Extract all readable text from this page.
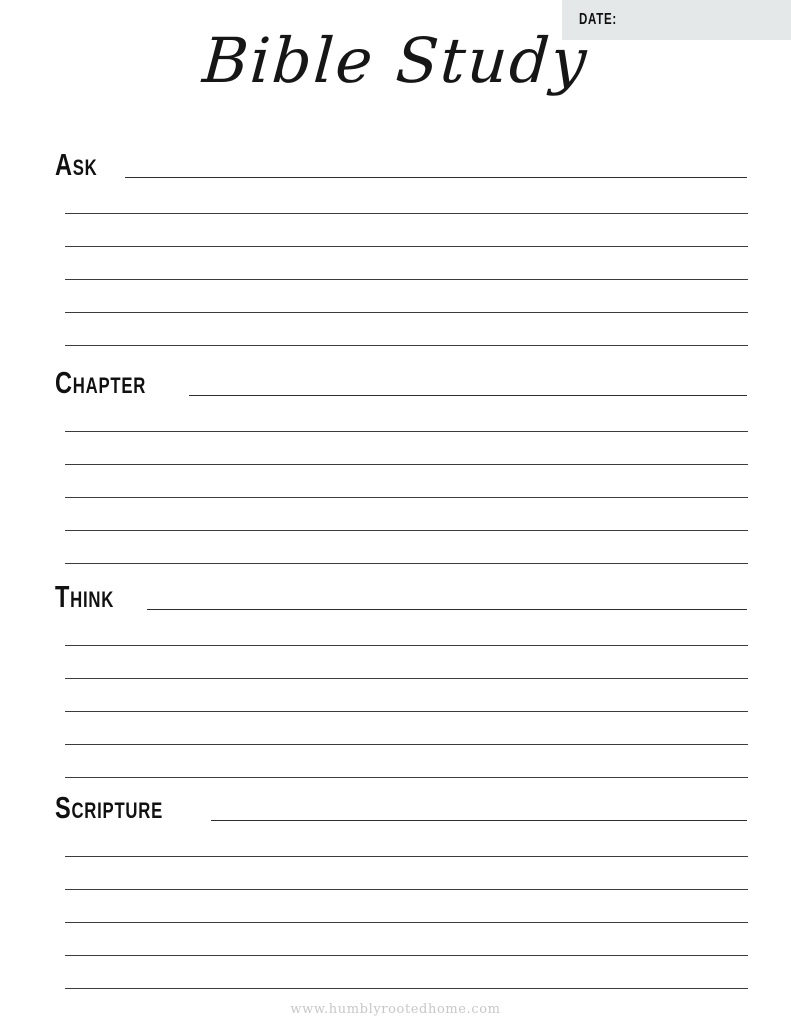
DATE:
Bible Study
Ask
Chapter
Think
Scripture
www.humblyrootedhome.com
